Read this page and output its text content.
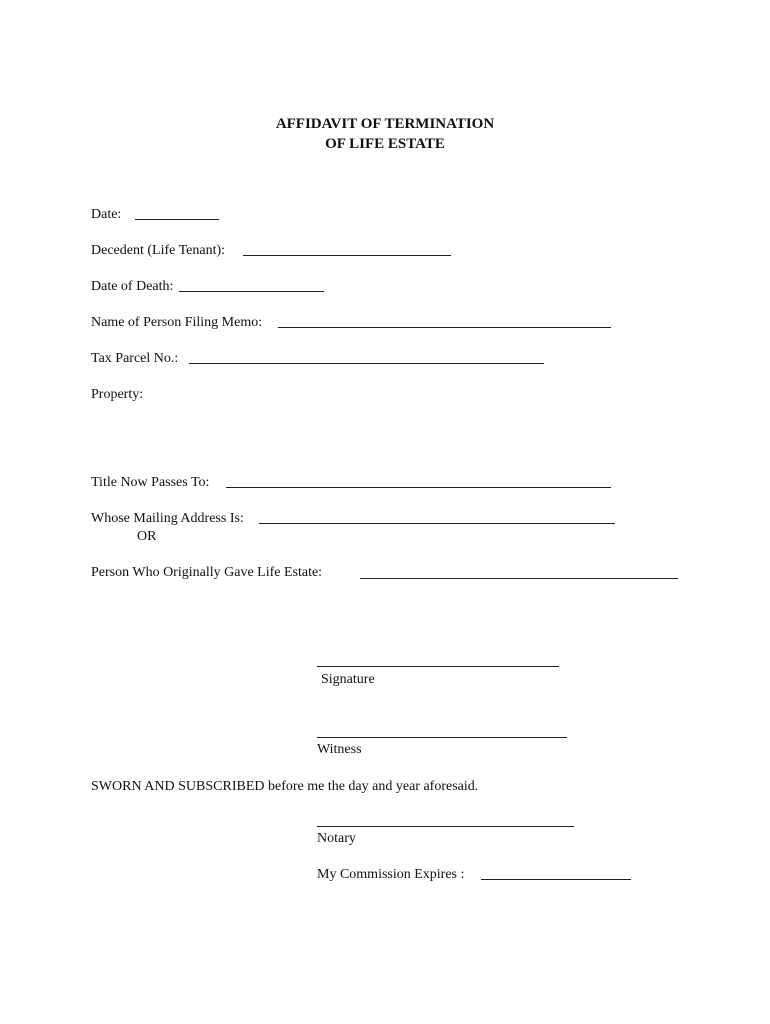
AFFIDAVIT OF TERMINATION
OF LIFE ESTATE
Date:
Decedent (Life Tenant):
Date of Death:
Name of Person Filing Memo:
Tax Parcel No.:
Property:
Title Now Passes To:
Whose Mailing Address Is:
OR
Person Who Originally Gave Life Estate:
Signature
Witness
SWORN AND SUBSCRIBED before me the day and year aforesaid.
Notary
My Commission Expires :
